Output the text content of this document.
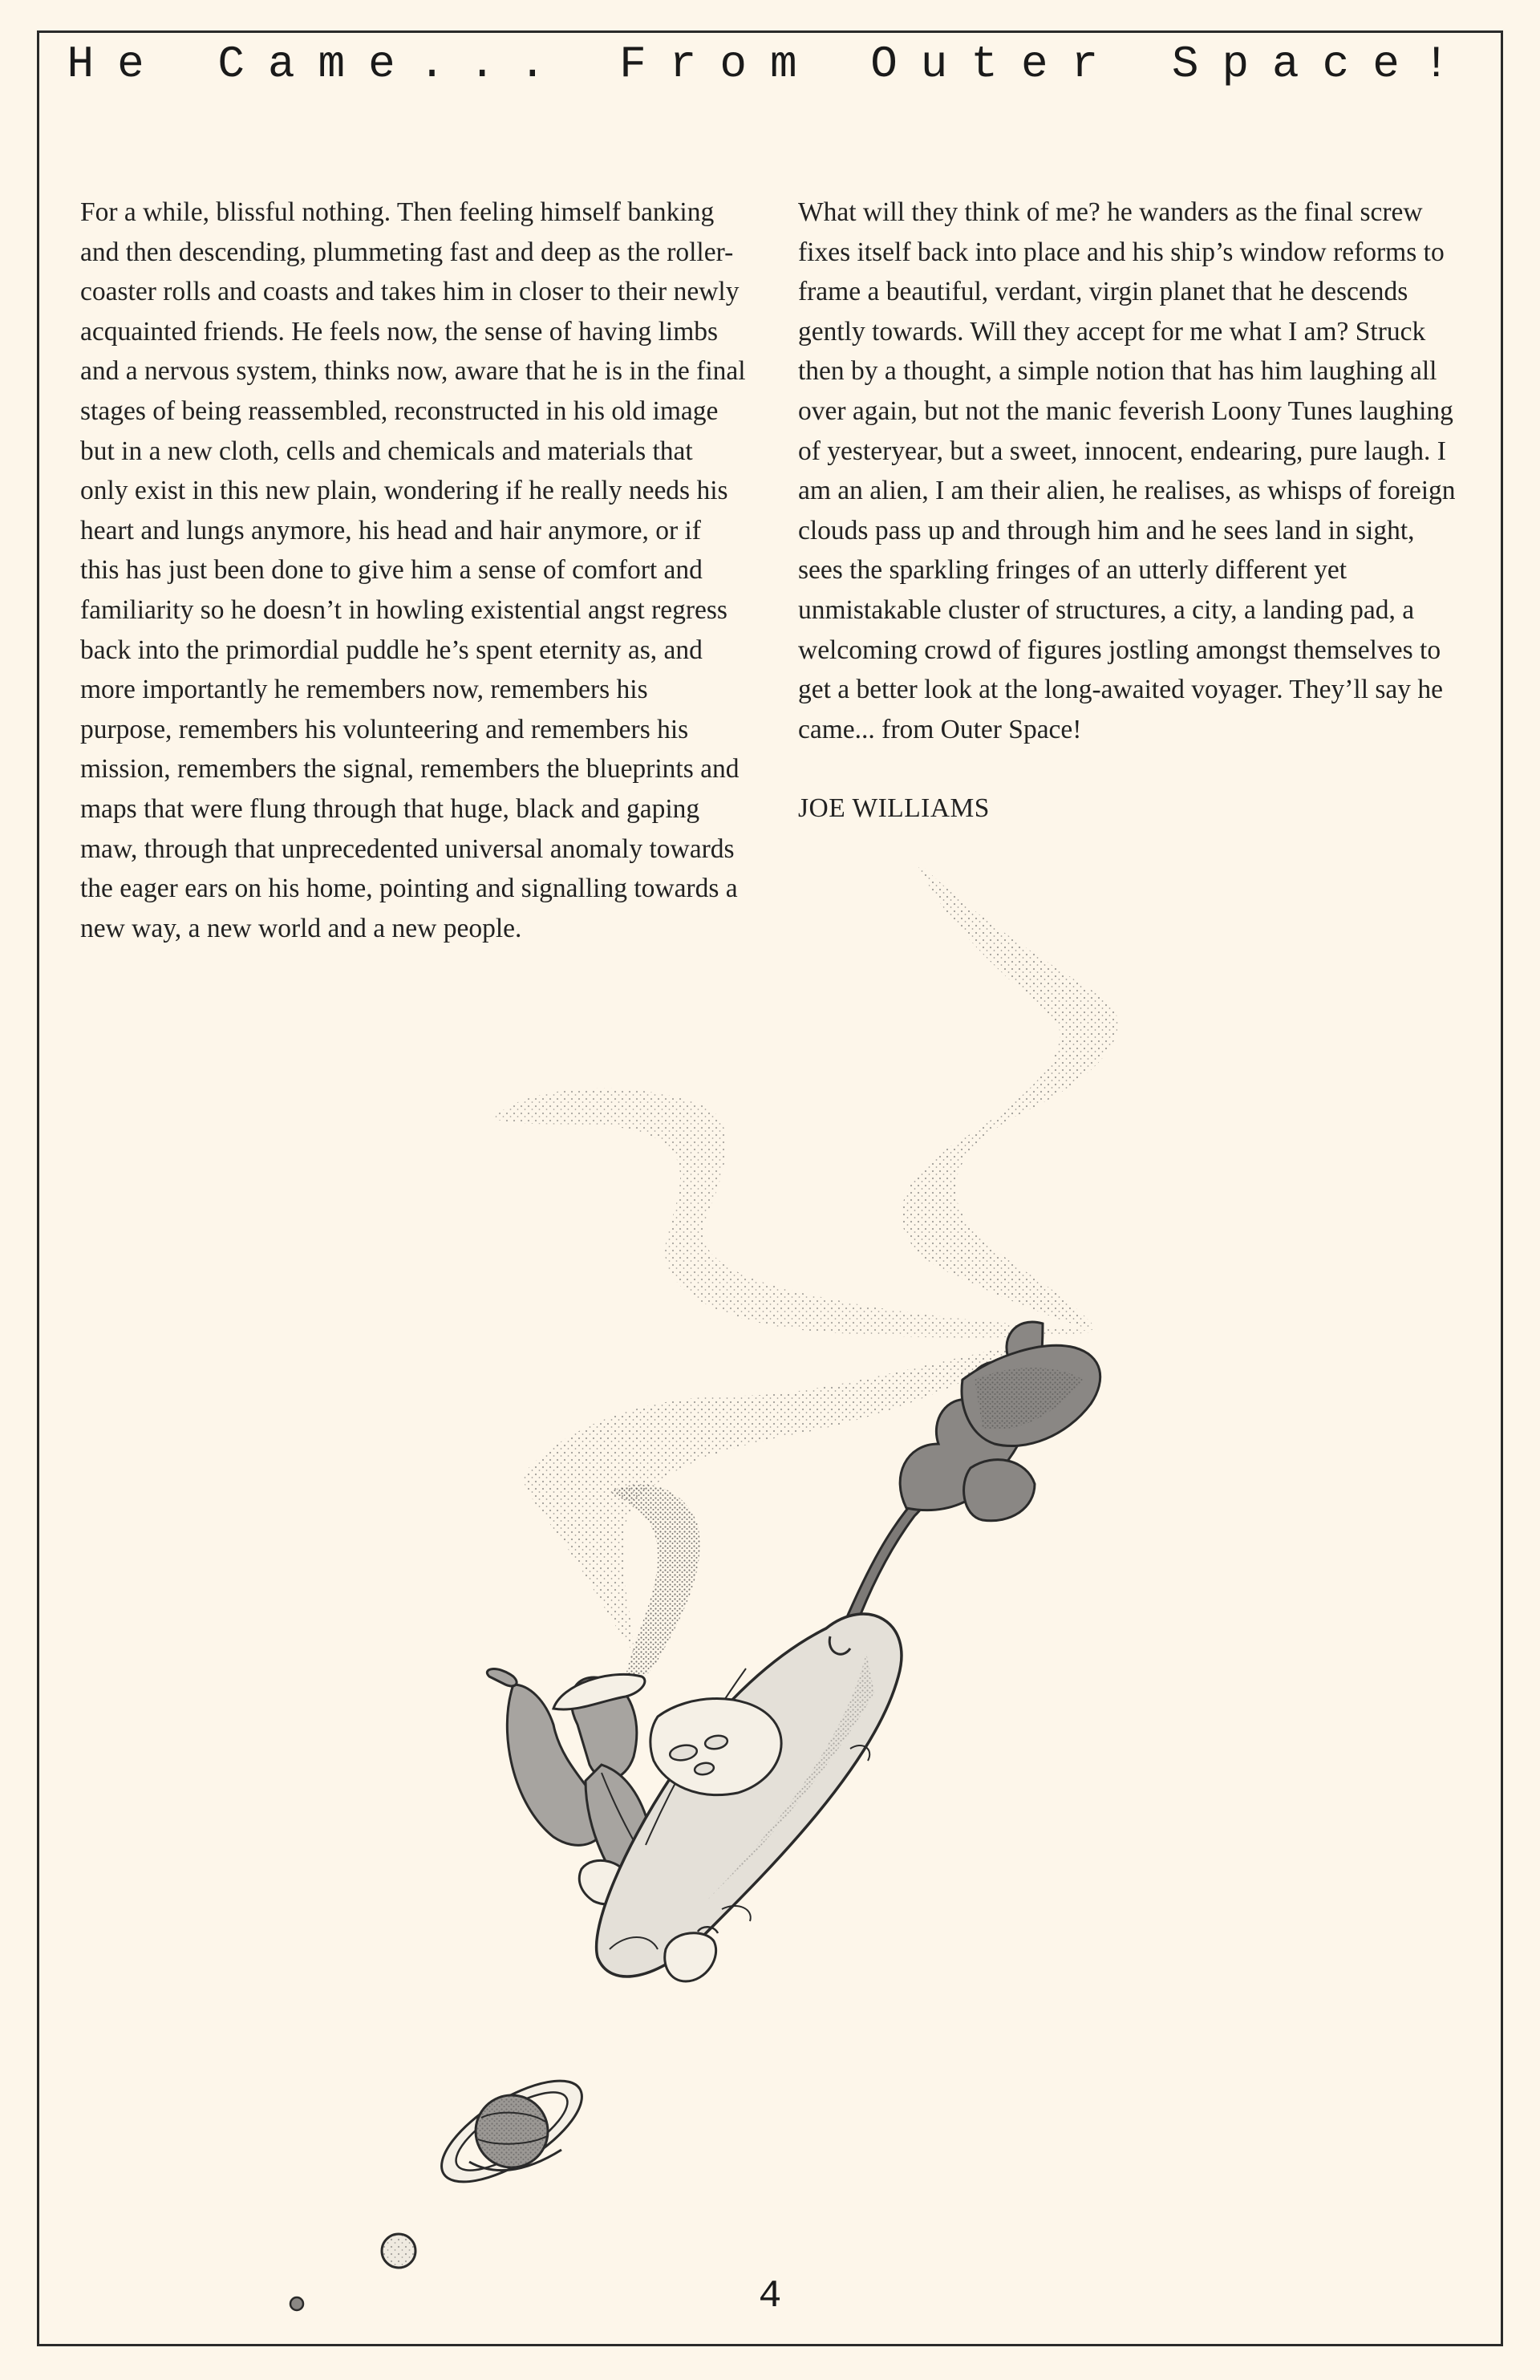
He Came... From Outer Space!

For a while, blissful nothing. Then feeling himself banking and then descending, plummeting fast and deep as the roller-coaster rolls and coasts and takes him in closer to their newly acquainted friends. He feels now, the sense of having limbs and a nervous system, thinks now, aware that he is in the final stages of being reassembled, reconstructed in his old image but in a new cloth, cells and chemicals and materials that only exist in this new plain, wondering if he really needs his heart and lungs anymore, his head and hair anymore, or if this has just been done to give him a sense of comfort and familiarity so he doesn’t in howling existential angst regress back into the primordial puddle he’s spent eternity as, and more importantly he remembers now, remembers his purpose, remembers his volunteering and remembers his mission, remembers the signal, remembers the blueprints and maps that were flung through that huge, black and gaping maw, through that unprecedented universal anomaly towards the eager ears on his home, pointing and signalling towards a new way, a new world and a new people.

What will they think of me? he wanders as the final screw fixes itself back into place and his ship’s window reforms to frame a beautiful, verdant, virgin planet that he descends gently towards. Will they accept for me what I am? Struck then by a thought, a simple notion that has him laughing all over again, but not the manic feverish Loony Tunes laughing of yesteryear, but a sweet, innocent, endearing, pure laugh. I am an alien, I am their alien, he realises, as whisps of foreign clouds pass up and through him and he sees land in sight, sees the sparkling fringes of an utterly different yet unmistakable cluster of structures, a city, a landing pad, a welcoming crowd of figures jostling amongst themselves to get a better look at the long-awaited voyager. They’ll say he came... from Outer Space!

JOE WILLIAMS

4
